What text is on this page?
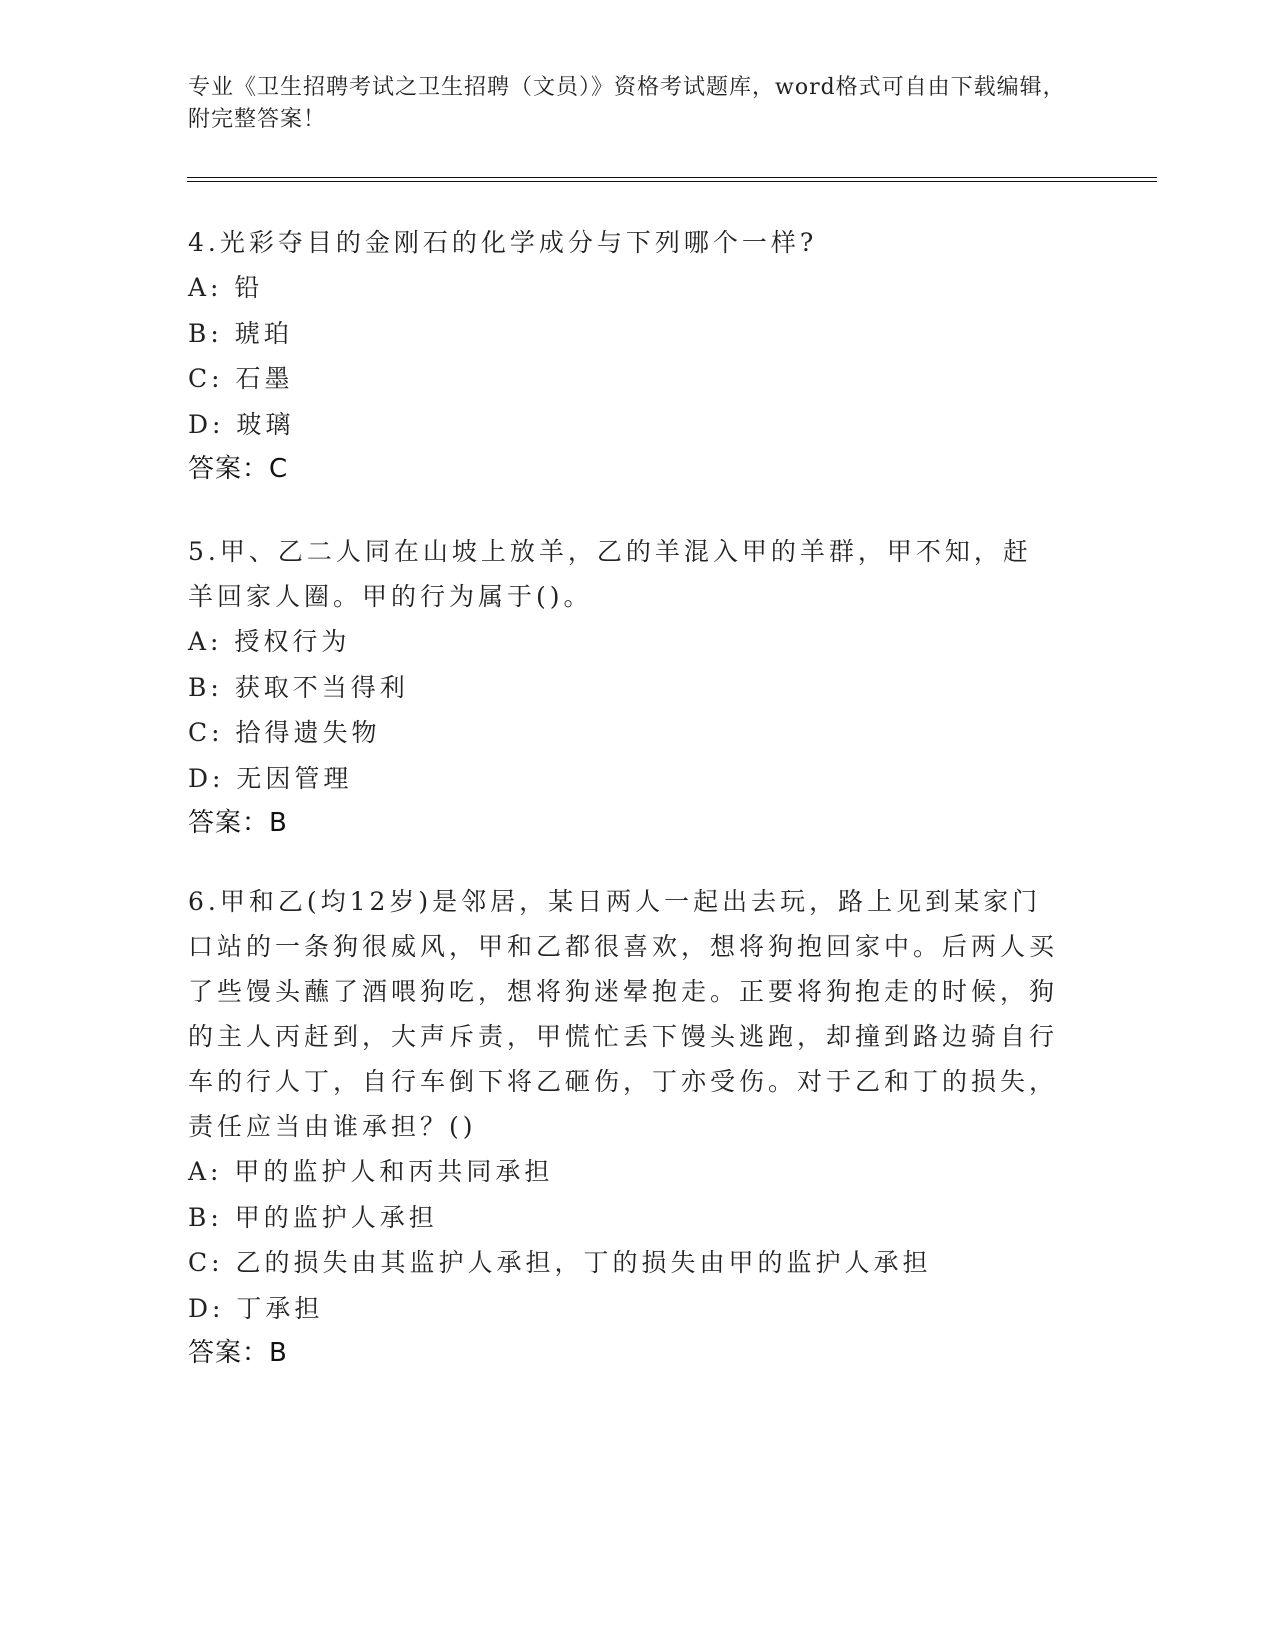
专业《卫生招聘考试之卫生招聘（文员）》资格考试题库，word格式可自由下载编辑，附完整答案！
4.光彩夺目的金刚石的化学成分与下列哪个一样?
A: 铅
B: 琥珀
C: 石墨
D: 玻璃
答案：C
5.甲、乙二人同在山坡上放羊，乙的羊混入甲的羊群，甲不知，赶羊回家人圈。甲的行为属于()。
A: 授权行为
B: 获取不当得利
C: 拾得遗失物
D: 无因管理
答案：B
6.甲和乙(均12岁)是邻居，某日两人一起出去玩，路上见到某家门口站的一条狗很威风，甲和乙都很喜欢，想将狗抱回家中。后两人买了些馒头蘸了酒喂狗吃，想将狗迷晕抱走。正要将狗抱走的时候，狗的主人丙赶到，大声斥责，甲慌忙丢下馒头逃跑，却撞到路边骑自行车的行人丁，自行车倒下将乙砸伤，丁亦受伤。对于乙和丁的损失，责任应当由谁承担？()
A: 甲的监护人和丙共同承担
B: 甲的监护人承担
C: 乙的损失由其监护人承担，丁的损失由甲的监护人承担
D: 丁承担
答案：B
